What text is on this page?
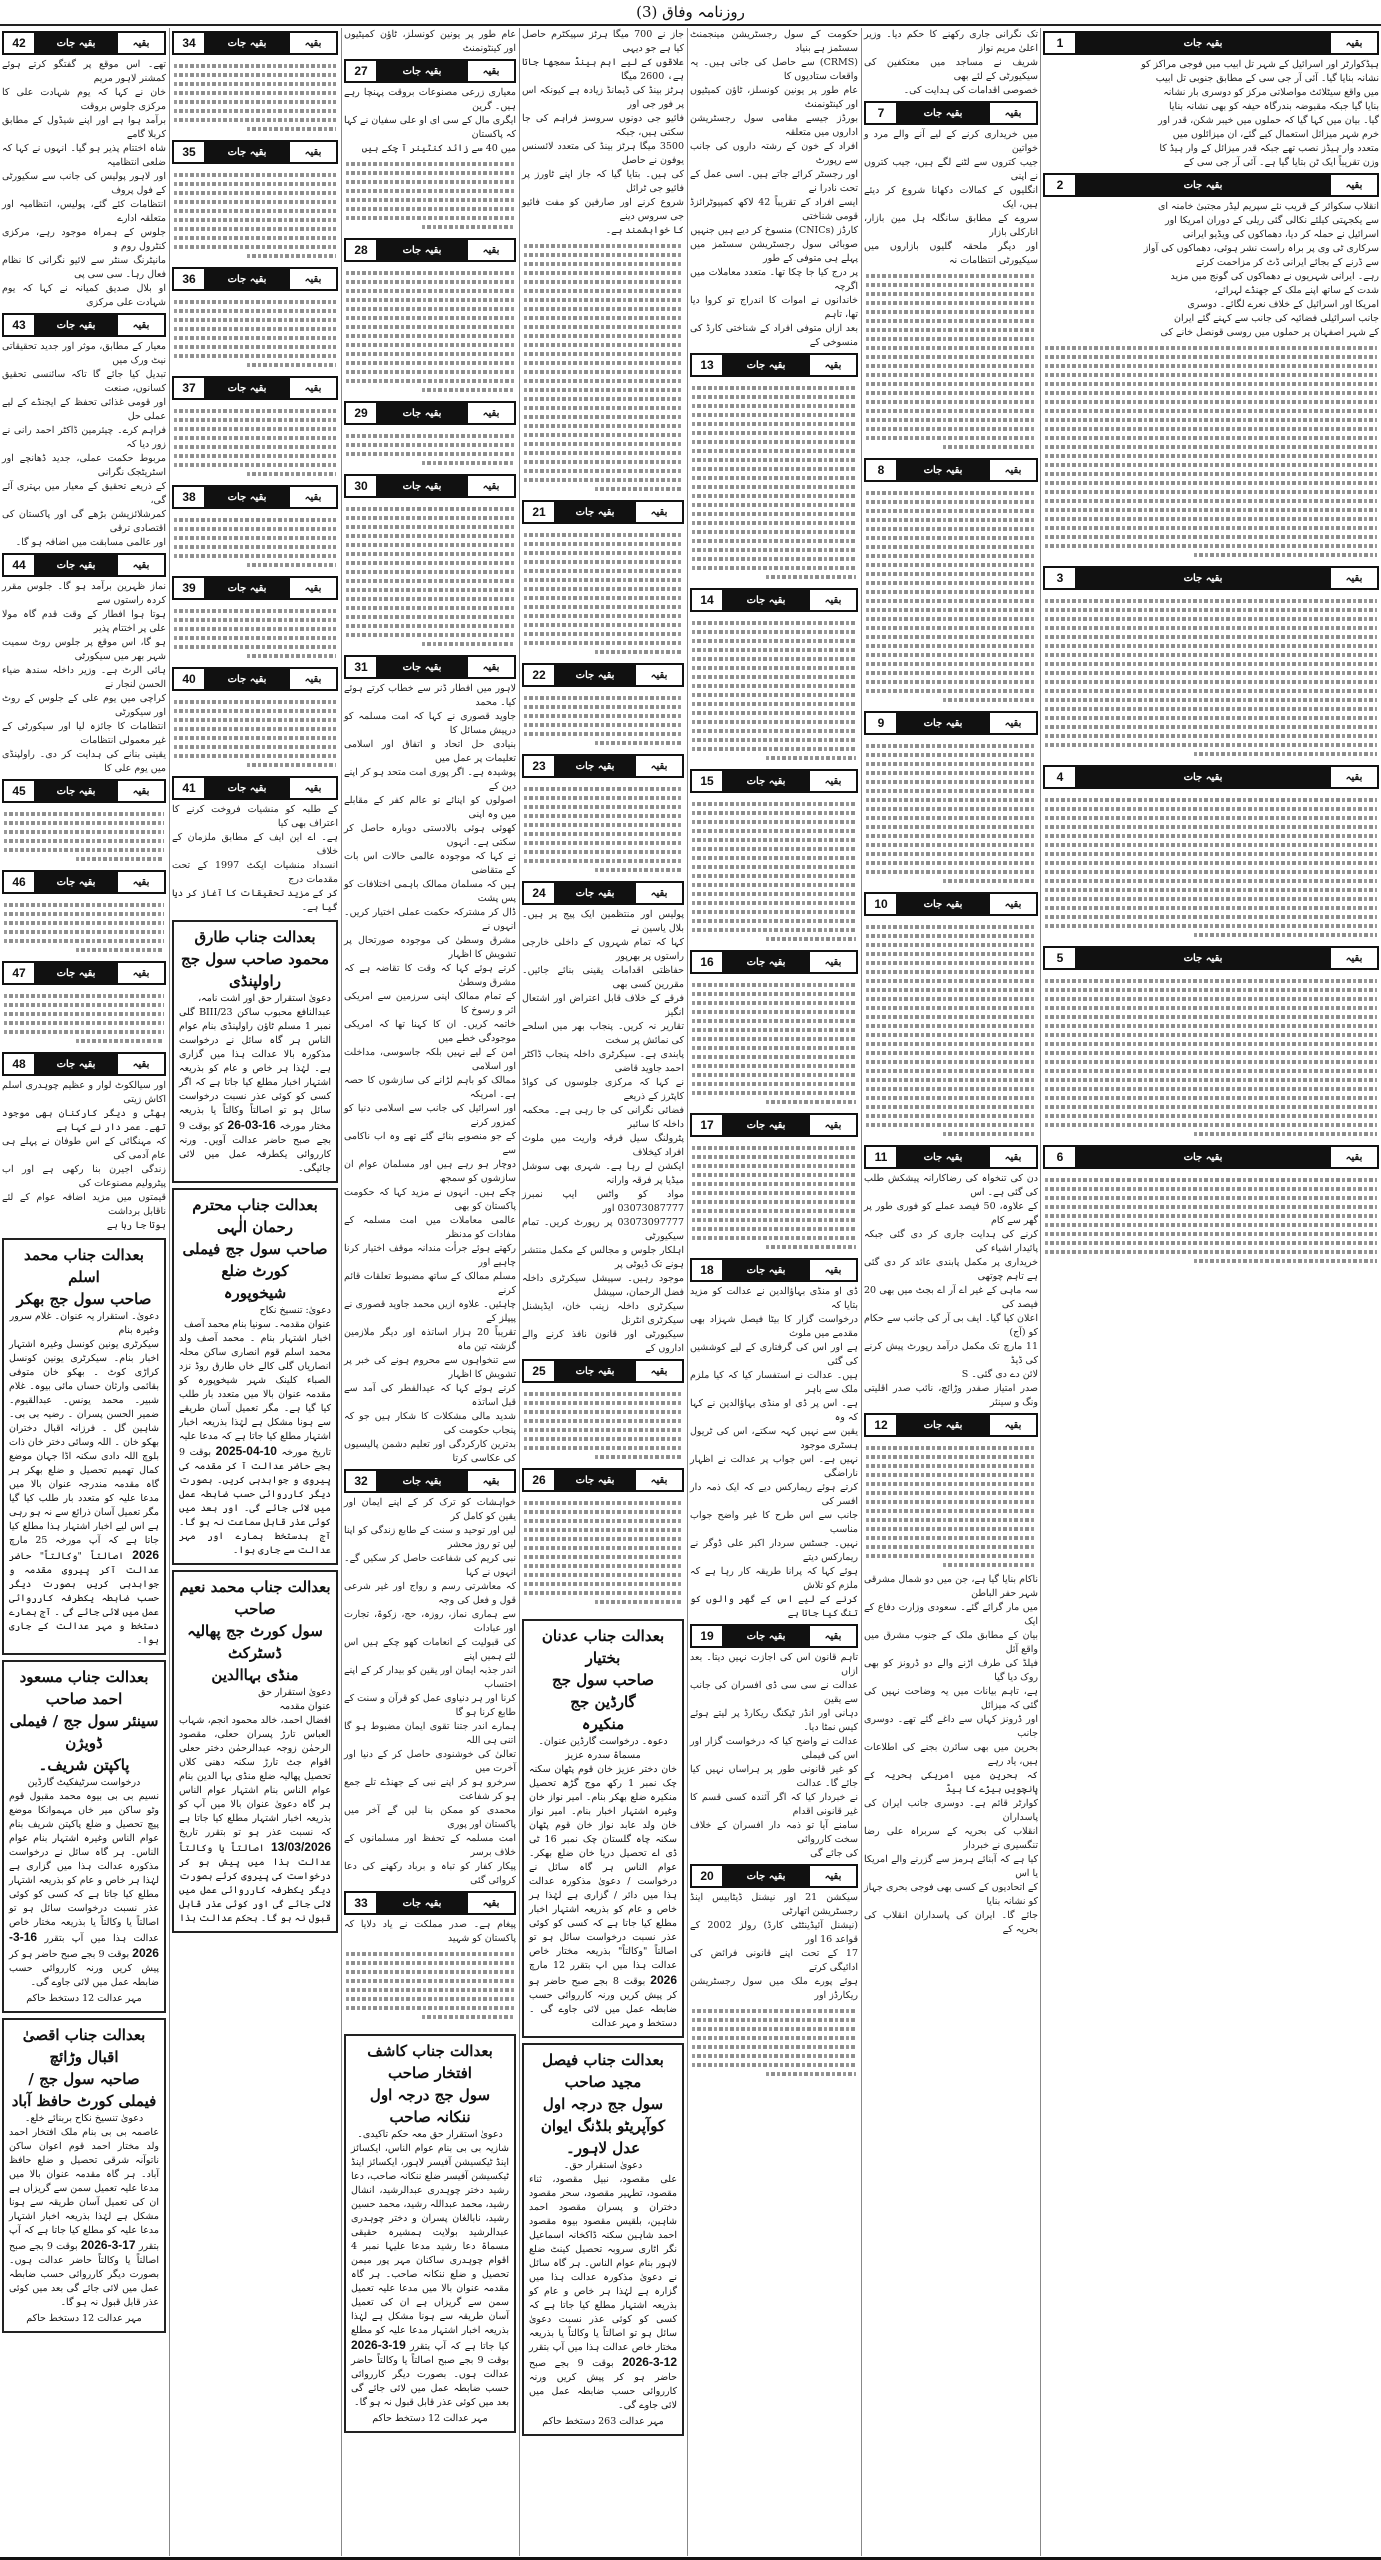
روزنامہ وفاق (3)
بقیہ
بقیہ جات
1
ہیڈکوارٹر اور اسرائیل کے شہر تل ابیب میں فوجی مراکز کو
نشانہ بنایا گیا۔ آئی آر جی سی کے مطابق جنوبی تل ابیب
میں واقع سیٹلائٹ مواصلاتی مرکز کو دوسری بار نشانہ
بنایا گیا جبکہ مقبوضہ بندرگاہ حیفہ کو بھی نشانہ بنایا
گیا۔ بیان میں کہا گیا کہ حملوں میں خیبر شکن، قدر اور
خرم شہر میزائل استعمال کیے گئے، ان میزائلوں میں
متعدد وار ہیڈز نصب تھے جبکہ قدر میزائل کے وار ہیڈ کا
وزن تقریباً ایک ٹن بتایا گیا ہے۔ آئی آر جی سی کے
بقیہ
بقیہ جات
2
انقلاب سکوائر کے قریب نئے سپریم لیڈر مجتبیٰ خامنہ ای
سے یکجہتی کیلئے نکالی گئی ریلی کے دوران امریکا اور
اسرائیل نے حملہ کر دیا، دھماکوں کی ویڈیو ایرانی
سرکاری ٹی وی پر براہ راست نشر ہوئی، دھماکوں کی آواز
سے ڈرنے کے بجائے ایرانی ڈٹ کر مزاحمت کرتے
رہے۔ ایرانی شہریوں نے دھماکوں کی گونج میں مزید
شدت کے ساتھ اپنے ملک کے جھنڈے لہرائے،
امریکا اور اسرائیل کے خلاف نعرے لگائے۔ دوسری
جانب اسرائیلی فضائیہ کی جانب سے کہنے گئے ایران
کے شہر اصفہان پر حملوں میں روسی قونصل خانے کی
بقیہ
بقیہ جات
3
بقیہ
بقیہ جات
4
بقیہ
بقیہ جات
5
بقیہ
بقیہ جات
6
تک نگرانی جاری رکھنے کا حکم دیا۔ وزیر اعلیٰ مریم نواز
شریف نے مساجد میں معتکفین کی سیکیورٹی کے لئے بھی
خصوصی اقدامات کی ہدایت کی۔
بقیہ
بقیہ جات
7
میں خریداری کرنے کے لیے آنے والے مرد و خواتین
جیب کتروں سے لٹنے لگے ہیں، جیب کتروں نے اپنی
انگلیوں کے کمالات دکھانا شروع کر دیئے ہیں، ایک
سروے کے مطابق سانگلہ ہل مین بازار، انارکلی بازار
اور دیگر ملحقہ گلیوں بازاروں میں سیکیورٹی انتظامات نہ
بقیہ
بقیہ جات
8
بقیہ
بقیہ جات
9
بقیہ
بقیہ جات
10
بقیہ
بقیہ جات
11
دن کی تنخواہ کی رضاکارانہ پیشکش طلب کی گئی ہے۔ اس
کے علاوہ، 50 فیصد عملے کو فوری طور پر گھر سے کام
کرنے کی ہدایت جاری کر دی گئی جبکہ پائیدار اشیاء کی
خریداری پر مکمل پابندی عائد کر دی گئی ہے تاہم چوتھی
سہ ماہی کے غیر اے آر اے بجٹ میں بھی 20 فیصد کی
اعلان کیا گیا۔ ایف بی آر کی جانب سے حکام کو (آج)
11 مارچ تک مکمل درآمد رپورٹ پیش کرنے کی ڈیڈ
لائن دے دی گئی۔ S
صدر امتیاز صفدر وڑائچ، نائب صدر اقلیتی ونگ و سینئر
بقیہ
بقیہ جات
12
ناکام بنایا گیا ہے، جن میں دو شمال مشرقی شہر حفر الباطن
میں مار گرائے گئے۔ سعودی وزارت دفاع کے ایک
بیان کے مطابق ملک کے جنوب مشرق میں واقع آئل
فیلڈ کی طرف اڑنے والے دو ڈرونز کو بھی روک دیا گیا
ہے، تاہم بیانات میں یہ وضاحت نہیں کی گئی کہ میزائل
اور ڈرونز کہاں سے داغے گئے تھے۔ دوسری جانب
بحرین میں بھی سائرن بجنے کی اطلاعات ہیں، یاد رہے
کہ بحرین میں امریکی بحریہ کے پانچویں بیڑے کا ہیڈ
کوارٹر قائم ہے۔ دوسری جانب ایران کی پاسداران
انقلاب کی بحریہ کے سربراہ علی رضا تنگسیری نے خبردار
کیا ہے کہ آبنائے ہرمز سے گزرنے والے امریکا یا اس
کے اتحادیوں کے کسی بھی فوجی بحری جہاز کو نشانہ بنایا
جائے گا۔ ایران کی پاسداران انقلاب کی بحریہ کے
حکومت کے سول رجسٹریشن مینجمنٹ سسٹمز ہے بنیاد
(CRMS) سے حاصل کی جاتی ہیں۔ یہ واقعات ستادیوں کا
عام طور پر یونین کونسلز، ٹاؤن کمیٹیوں اور کینٹونمنٹ
بورڈز جیسے مقامی سول رجسٹریشن اداروں میں متعلقہ
افراد کے خون کے رشتہ داروں کی جانب سے رپورٹ
اور رجسٹر کرائے جاتے ہیں۔ اسی عمل کے تحت نادرا نے
ایسے افراد کے تقریباً 42 لاکھ کمپیوٹرائزڈ قومی شناختی
کارڈز (CNICs) منسوخ کر دیے ہیں جنہیں
صوبائی سول رجسٹریشن سسٹمز میں پہلے ہی متوفی کے طور
پر درج کیا جا چکا تھا۔ متعدد معاملات میں اگرچہ
خاندانوں نے اموات کا اندراج تو کروا دیا تھا، تاہم
بعد ازاں متوفی افراد کے شناختی کارڈ کی منسوخی کے
بقیہ
بقیہ جات
13
بقیہ
بقیہ جات
14
بقیہ
بقیہ جات
15
بقیہ
بقیہ جات
16
بقیہ
بقیہ جات
17
بقیہ
بقیہ جات
18
ڈی او منڈی بہاؤالدین نے عدالت کو مزید بتایا کہ
درخواست گزار کا بیٹا فیصل شہزاد بھی مقدمے میں ملوث
ہے اور اس کی گرفتاری کے لیے کوششیں کی گئی
ہیں۔ عدالت نے استفسار کیا کہ کیا ملزم ملک سے باہر
ہے۔ اس پر ڈی او منڈی بہاؤالدین نے کہا کہ وہ
یقین سے نہیں کہہ سکتے، اس کی ٹریول ہسٹری موجود
نہیں ہے۔ اس جواب پر عدالت نے اظہار ناراضگی
کرتے ہوئے ریمارکس دیے کہ ایک ذمہ دار افسر کی
جانب سے اس طرح کا غیر واضح جواب مناسب
نہیں۔ جسٹس سردار اکبر علی ڈوگر نے ریمارکس دیتے
ہوئے کہا کہ پرانا طریقہ کار رہا ہے کہ ملزم کو تلاش
کرنے کے لیے اس کے گھر والوں کو تنگ کیا جاتا ہے
بقیہ
بقیہ جات
19
تاہم قانون اس کی اجازت نہیں دیتا۔ بعد ازاں
عدالت نے سی سی ڈی افسران کی جانب سے یقین
دہانی اور انڈر ٹیکنگ ریکارڈ پر لیتے ہوئے کیس نمٹا دیا۔
عدالت نے واضح کیا کہ درخواست گزار اور اس کی فیملی
کو غیر قانونی طور پر ہراساں نہیں کیا جائے گا۔ عدالت
نے خبردار کیا کہ اگر آئندہ کسی قسم کا غیر قانونی اقدام
سامنے آیا تو ذمہ دار افسران کے خلاف سخت کارروائی
کی جائے گی
بقیہ
بقیہ جات
20
سیکشن 21 اور نیشنل ڈیٹابیس اینڈ رجسٹریشن اتھارٹی
(نیشنل آئیڈینٹٹی کارڈ) رولز 2002 کے قواعد 16 اور
17 کے تحت اپنے قانونی فرائض کی ادائیگی کرتے
ہوئے پورے ملک میں سول رجسٹریشن ریکارڈز اور
جاز نے 700 میگا ہرٹز سپیکٹرم حاصل کیا ہے جو دیہی
علاقوں کے لیے اہم بینڈ سمجھا جاتا ہے، 2600 میگا
ہرٹز بینڈ کی ڈیمانڈ زیادہ ہے کیونکہ اس پر فور جی اور
فائیو جی دونوں سروسز فراہم کی جا سکتی ہیں، جبکہ
3500 میگا ہرٹز بینڈ کی متعدد لائسنس یوفون نے حاصل
کی ہیں۔ بتایا گیا کہ جاز اپنے ٹاورز پر فائیو جی ٹرائل
شروع کرنے اور صارفین کو مفت فائیو جی سروس دینے
کا خواہشمند ہے۔
بقیہ
بقیہ جات
21
بقیہ
بقیہ جات
22
بقیہ
بقیہ جات
23
بقیہ
بقیہ جات
24
پولیس اور منتظمین ایک پیج پر ہیں۔ بلال یاسین نے
کہا کہ تمام شہروں کے داخلی خارجی راستوں پر بھرپور
حفاظتی اقدامات یقینی بنائے جائیں۔ مقررین کسی بھی
فرقے کے خلاف قابل اعتراض اور اشتعال انگیز
تقاریر نہ کریں۔ پنجاب بھر میں اسلحے کی نمائش پر سخت
پابندی ہے۔ سیکرٹری داخلہ پنجاب ڈاکٹر احمد جاوید قاضی
نے کہا کہ مرکزی جلوسوں کی کواڈ کاپٹرز کے ذریعے
فضائی نگرانی کی جا رہی ہے۔ محکمہ داخلہ کا سائبر
پٹرولنگ سیل فرقہ واریت میں ملوث افراد کیخلاف
ایکشن لے رہا ہے۔ شہری بھی سوشل میڈیا پر فرقہ وارانہ
مواد کو واٹس ایپ نمبرز 03073087777 اور
03073097777 پر رپورٹ کریں۔ تمام سیکیورٹی
اہلکار جلوس و مجالس کے مکمل منتشر ہونے تک ڈیوٹی پر
موجود رہیں۔ سپیشل سیکرٹری داخلہ فضل الرحمان، سپیشل
سیکرٹری داخلہ زینب خان، ایڈیشنل سیکرٹری انٹرنل
سیکیورٹی اور قانون نافذ کرنے والے اداروں کے
بقیہ
بقیہ جات
25
بقیہ
بقیہ جات
26
عام طور پر یونین کونسلز، ٹاؤن کمیٹیوں اور کینٹونمنٹ
بقیہ
بقیہ جات
27
معیاری زرعی مصنوعات بروقت پہنچا رہے ہیں۔ گرین
ایگری مال کے سی ای او علی سفیان نے کہا کہ پاکستان
میں 40 سے زائد کنٹینر آ چکے ہیں
بقیہ
بقیہ جات
28
بقیہ
بقیہ جات
29
بقیہ
بقیہ جات
30
بقیہ
بقیہ جات
31
لاہور میں افطار ڈنر سے خطاب کرتے ہوئے کیا۔ محمد
جاوید قصوری نے کہا کہ امت مسلمہ کو درپیش مسائل کا
بنیادی حل اتحاد و اتفاق اور اسلامی تعلیمات پر عمل میں
پوشیدہ ہے۔ اگر پوری امت متحد ہو کر اپنے دین کے
اصولوں کو اپنائے تو عالم کفر کے مقابلے میں وہ اپنی
کھوئی ہوئی بالادستی دوبارہ حاصل کر سکتی ہے۔ انہوں
نے کہا کہ موجودہ عالمی حالات اس بات کے متقاضی
ہیں کہ مسلمان ممالک باہمی اختلافات کو پس پشت
ڈال کر مشترکہ حکمت عملی اختیار کریں۔ انہوں نے
مشرق وسطیٰ کی موجودہ صورتحال پر تشویش کا اظہار
کرتے ہوئے کہا کہ وقت کا تقاضہ ہے کہ مشرق وسطیٰ
کے تمام ممالک اپنی سرزمین سے امریکی اثر و رسوخ کا
خاتمہ کریں۔ ان کا کہنا تھا کہ امریکی موجودگی خطے میں
امن کے لیے نہیں بلکہ جاسوسی، مداخلت اور اسلامی
ممالک کو باہم لڑانے کی سازشوں کا حصہ ہے۔ امریکہ
اور اسرائیل کی جانب سے اسلامی دنیا کو کمزور کرنے
کے جو منصوبے بنائے گئے تھے وہ اب ناکامی سے
دوچار ہو رہے ہیں اور مسلمان عوام ان سازشوں کو سمجھ
چکے ہیں۔ انہوں نے مزید کہا کہ حکومت پاکستان کو بھی
عالمی معاملات میں امت مسلمہ کے مفادات کو مدنظر
رکھتے ہوئے جرأت مندانہ موقف اختیار کرنا چاہیے اور
مسلم ممالک کے ساتھ مضبوط تعلقات قائم کرنے
چاہئیں۔ علاوہ ازیں محمد جاوید قصوری نے پیپلز کے
تقریباً 20 ہزار اساتذہ اور دیگر ملازمین گزشتہ تین ماہ
سے تنخواہوں سے محروم ہونے کی خبر پر تشویش کا اظہار
کرتے ہوئے کہا کہ عیدالفطر کی آمد سے قبل اساتذہ
شدید مالی مشکلات کا شکار ہیں جو کہ پنجاب حکومت کی
بدترین کارکردگی اور تعلیم دشمن پالیسیوں کی عکاسی کرتا
بقیہ
بقیہ جات
32
خواہشات کو ترک کر کے اپنے ایمان اور یقین کو کامل کر
لیں اور توحید و سنت کے طابع زندگی کو اپنا لیں تو روز محشر
نبی کریم کی شفاعت حاصل کر سکیں گے۔ انہوں نے کہا
کہ معاشرتی رسم و رواج اور غیر شرعی قول و فعل کی وجہ
سے ہماری نماز، روزہ، حج، زکوۃ، تجارت اور عبادات
کی قبولیت کے انعامات کھو چکے ہیں اس لئے ہمیں اپنے
اندر جذبہ ایمان اور یقین کو بیدار کر کے اپنے احتساب
کرنا اور ہر دنیاوی عمل کو قرآن و سنت کے طابع کرنا ہو گا
ہمارے اندر جتنا تقوی ایمان مضبوط ہو گا اتنی ہی اللہ
تعالیٰ کی خوشنودی حاصل کر کے دنیا اور آخرت میں
سرخرو ہو کر اپنے نبی کے جھنڈے تلے جمع ہو کر شفاعت
محمدی کو ممکن بنا لیں گے آخر میں پاکستان اور پوری
امت مسلمہ کے تحفظ اور مسلمانوں کے خلاف برسر
پیکار کفار کو تباہ و برباد رکھنے کی دعا کروائی گئی
بقیہ
بقیہ جات
33
پیغام ہے۔ صدر مملکت نے یاد دلایا کہ پاکستان کو شہید
بقیہ
بقیہ جات
34
بقیہ
بقیہ جات
35
بقیہ
بقیہ جات
36
بقیہ
بقیہ جات
37
بقیہ
بقیہ جات
38
بقیہ
بقیہ جات
39
بقیہ
بقیہ جات
40
بقیہ
بقیہ جات
41
کے طلبہ کو منشیات فروخت کرنے کا اعتراف بھی کیا
ہے۔ اے این ایف کے مطابق ملزمان کے خلاف
انسداد منشیات ایکٹ 1997 کے تحت مقدمات درج
کر کے مزید تحقیقات کا آغاز کر دیا گیا ہے۔
بعدالت جناب طارق
محمود صاحب سول جج راولپنڈی
دعویٰ استقرار حق اور اشت نامہ،
عبدالنافع محبوب ساکن BIII/23 گلی نمبر 1 مسلم ٹاؤن راولپنڈی بنام عوام الناس ہر گاہ سائل نے درخواست مذکورہ بالا عدالت ہذا میں گزاری ہے۔ لہٰذا ہر خاص و عام کو بذریعہ اشتہار اخبار مطلع کیا جاتا ہے کہ اگر کسی کو کوئی عذر نسبت درخواست سائل ہو تو اصالتاً وکالتاً یا بذریعہ مختار مورخہ 16-03-26 کو بوقت 9 بجے صبح حاضر عدالت آویں۔ ورنہ کارروائی یکطرفہ عمل میں لائی جائیگی۔
بعدالت جناب محترم رحمان الٰہی
صاحب سول جج فیملی کورٹ ضلع
شیخوپورہ
دعویٰ: تنسیخ نکاح
عنوان مقدمہ۔ سونیا بنام محمد آصف
اخبار اشتہار بنام ۔ محمد آصف ولد محمد اسلم قوم انصاری ساکن محلہ انصاریاں گلی کالے خاں طارق روڈ نزد الصباء کلینک شہر شیخوپورہ کو مقدمہ عنوان بالا میں متعدد بار طلب کیا گیا ہے۔ مگر تعمیل آسان طریقے سے ہونا مشکل ہے لہٰذا بذریعہ اخبار اشتہار مطلع کیا جاتا ہے کہ مدعا علیہ تاریخ مورخہ 10-04-2025 بوقت 9 بجے حاضر عدالت آ کر مقدمہ کی پیروی و جوابدہی کریں۔ بصورت دیگر کارروائی حسب ضابطہ عمل میں لائی جائے گی۔ اور بعد میں کوئی عذر قابل سماعت نہ ہو گا۔ آج بدستخط ہمارے اور مہر عدالت سے جاری ہوا۔
بعدالت جناب محمد نعیم صاحب
سول کورٹ جج پھالیہ ڈسٹرکٹ
منڈی بہاالدین
دعویٰ استقرار حق
عنوان مقدمہ
افضال احمد، خالد محمود انجم، شہاب العباس تارڑ پسران حعلی، مقصود الرحمٰن زوجہ عبدالرحمٰن دختر حعلی اقوام جٹ تارڑ سکنہ دھنی کلاں تحصیل پھالیہ ضلع منڈی بہا الدین بنام عوام الناس بنام اشتہار عوام الناس ہر گاہ دعویٰ عنوان بالا میں آپ کو بذریعہ اخبار اشتہار مطلع کیا جاتا ہے کہ نسبت عذر ہو تو بتقرر تاریخ 13/03/2026 اصالتاً یا وکالتاً عدالت ہذا میں پیش ہو کر درخواست کی پیروی کرئے بصورت دیگر یکطرفہ کارروائی عمل میں لائی جائے گی اور کوئی عذر قابل قبول نہ ہو گا۔ بحکم عدالت ہذا
بقیہ
بقیہ جات
42
تھے۔ اس موقع پر گفتگو کرتے ہوئے کمشنر لاہور مریم
خان نے کہا کہ یوم شہادت علی کا مرکزی جلوس بروقت
برآمد ہوا ہے اور اپنے شیڈول کے مطابق کربلا گامے
شاہ اختتام پذیر ہو گیا۔ انہوں نے کہا کہ ضلعی انتظامیہ
اور لاہور پولیس کی جانب سے سکیورٹی کے فول پروف
انتظامات کئے گئے، پولیس، انتظامیہ اور متعلقہ ادارے
جلوس کے ہمراہ موجود رہے، مرکزی کنٹرول روم و
مانیٹرنگ سنٹر سے لائیو نگرانی کا نظام فعال رہا۔ سی سی پی
او بلال صدیق کمیانہ نے کہا کہ یوم شہادت علی مرکزی
بقیہ
بقیہ جات
43
معیار کے مطابق، موثر اور جدید تحقیقاتی نیٹ ورک میں
تبدیل کیا جائے گا تاکہ سائنسی تحقیق کسانوں، صنعت
اور قومی غذائی تحفظ کے ایجنڈے کے لیے عملی حل
فراہم کرے۔ چیئرمین ڈاکٹر احمد رانی نے زور دیا کہ
مربوط حکمت عملی، جدید ڈھانچے اور اسٹریٹجک نگرانی
کے ذریعے تحقیق کے معیار میں بہتری آئے گی،
کمرشلائزیشن بڑھے گی اور پاکستان کی اقتصادی ترقی
اور عالمی مسابقت میں اضافہ ہو گا۔
بقیہ
بقیہ جات
44
نماز ظہرین برآمد ہو گا۔ جلوس مقرر کردہ راستوں سے
ہوتا ہوا افطار کے وقت قدم گاہ مولا علی پر اختتام پذیر
ہو گا، اس موقع پر جلوس روٹ سمیت شہر بھر میں سیکورٹی
ہائی الرٹ ہے۔ وزیر داخلہ سندھ ضیاء الحسن لنجار نے
کراچی میں یوم علی کے جلوس کے روٹ اور سیکورٹی
انتظامات کا جائزہ لیا اور سیکورٹی کے غیر معمولی انتظامات
یقینی بنانے کی ہدایت کر دی۔ راولپنڈی میں یوم علی کا
بقیہ
بقیہ جات
45
بقیہ
بقیہ جات
46
بقیہ
بقیہ جات
47
بقیہ
بقیہ جات
48
اور سیالکوٹ لوار و عظیم چوہدری اسلم اکاش زیتی
بھٹی و دیگر کارکنان بھی موجود تھے۔ عمر دار نے کہا ہے
کہ مہنگائی کے اس طوفان نے پہلے ہی عام آدمی کی
زندگی اجیرن بنا رکھی ہے اور اب پیٹرولیم مصنوعات کی
قیمتوں میں مزید اضافہ عوام کے لئے ناقابل برداشت
ہوتا جا رہا ہے
بعدالت جناب محمد اسلم
صاحب سول جج بھکر
دعویٰ۔ استقرار یہ عنوان۔ غلام سرور وغیرہ بنام
سیکرٹری یونین کونسل وغیرہ اشتہار اخبار بنام۔ سیکرٹری یونین کونسل کراڑی کوٹ ۔ بھکو خان متوفی بقائمی وارثان حساں مائی بیوہ۔ غلام شبیر۔ محمد یونس۔ عبدالقیوم۔ ضمیر الحسن پسران ۔ رضیہ بی بی۔ شاہین گل ۔ فرزانہ اقبال دختران بھکو خان ۔ اللہ وسائی دختر خان ذات بلوچ اللہ دادی سکنہ اڈا جہان موضع کمال تھمیم تحصیل و ضلع بھکر ہر گاہ مقدمہ مندرجہ عنوان بالا میں مدعا علیہ کو متعدد بار طلب کیا گیا مگر تعمیل آسان ذرائع سے نہ ہو رہی ہے اس لیے اخبار اشتہار ہذا مطلع کیا جاتا ہے کہ آپ مورخہ 25 مارچ 2026 اصالتاً "وکالتاً" حاضر عدالت آکر پیروی مقدمہ و جوابدہی کریں بصورت دیگر حسب ضابطہ یکطرفہ کارروائی عمل میں لائی جائے گی ۔ آج ہمارے دستخط و مہر عدالت کے جاری ہوا۔
بعدالت جناب مسعود احمد صاحب
سینئر سول جج / فیملی ڈویژن
پاکپتن شریف۔
درخواست سرٹیفکیٹ گارڈین
نسیم بی بی بیوہ محمد مقبول قوم وٹو ساکن میر خاں مہموانکا موضع پیچ تحصیل و ضلع پاکپتن شریف بنام عوام الناس وغیرہ اشتہار بنام عوام الناس۔ ہر گاہ سائل نے درخواست مذکورہ عدالت ہذا میں گزاری ہے لہٰذا ہر خاص و عام کو بذریعہ اشتہار مطلع کیا جاتا ہے کہ کسی کو کوئی عذر نسبت درخواست سائل ہو تو اصالتاً یا وکالتاً یا بذریعہ مختار خاص عدالت ہذا میں آپ بتقرر 16-3-2026 بوقت 9 بجے صبح حاضر ہو کر پیش کریں ورنہ کارروائی حسب ضابطہ عمل میں لائی جاوے گی۔
مہر عدالت 12 دستخط حاکم
بعدالت جناب اقصیٰ اقبال وڑائچ
صاحبہ سول جج / فیملی کورٹ حافظ آباد
دعویٰ تنسیخ نکاح بربنائے خلع۔
عاصمہ بی بی بنام ملک افتخار احمد ولد مختار احمد قوم اعوان ساکن ناتوآنہ شرقی تحصیل و ضلع حافظ آباد۔ ہر گاہ مقدمہ عنوان بالا میں مدعا علیہ تعمیل سمن سے گریزاں ہے ان کی تعمیل آسان طریقہ سے ہونا مشکل ہے لہٰذا بذریعہ اخبار اشتہار مدعا علیہ کو مطلع کیا جاتا ہے کہ آپ بتقرر 17-3-2026 بوقت 9 بجے صبح اصالتاً یا وکالتاً حاضر عدالت ہوں۔ بصورت دیگر کارروائی حسب ضابطہ عمل میں لائی جائے گی بعد میں کوئی عذر قابل قبول نہ ہو گا۔
مہر عدالت 12 دستخط حاکم
بعدالت جناب کاشف افتخار صاحب
سول جج درجہ اول ننکانہ صاحب
دعویٰ استقرار حق معہ حکم تاکیدی۔
شازیہ بی بی بنام عوام الناس، ایکسائز اینڈ ٹیکسیشن آفیسر لاہور، ایکسائز اینڈ ٹیکسیشن آفیسر ضلع ننکانہ صاحب، دعا رشید دختر چوہدری عبدالرشید، انشال رشید، محمد عبداللہ رشید، محمد حسین رشید، نابالغان پسران و دختر چوہدری عبدالرشید بولایت ہمشیرہ حقیقی مسماۃ دعا رشید مدعا علیہا نمبر 4 اقوام چوہدری ساکنان مہر پور میمن تحصیل و ضلع ننکانہ صاحب۔ ہر گاہ مقدمہ عنوان بالا میں مدعا علیہ تعمیل سمن سے گریزاں ہے ان کی تعمیل آسان طریقہ سے ہونا مشکل ہے لہٰذا بذریعہ اخبار اشتہار مدعا علیہ کو مطلع کیا جاتا ہے کہ آپ بتقرر 19-3-2026 بوقت 9 بجے صبح اصالتاً یا وکالتاً حاضر عدالت ہوں۔ بصورت دیگر کارروائی حسب ضابطہ عمل میں لائی جائے گی بعد میں کوئی عذر قابل قبول نہ ہو گا۔
مہر عدالت 12 دستخط حاکم
بعدالت جناب عدنان بختیار
صاحب سول جج گارڈین جج
منکیرہ
دعوہ۔ درخواست گارڈین عنوان۔ مسماۃ سدرہ عزیز
خان دختر عزیز خان قوم پٹھان سکنہ چک نمبر 1 رکھ موج گڑھ تحصیل منکیرہ ضلع بھکر بنام۔ امیر نواز خان وغیرہ اشتہار اخبار بنام۔ امیر نواز خان ولد عابد نواز خان قوم پٹھان سکنہ چاہ گلستان چک نمبر 16 ٹی ڈی اے تحصیل دریا خان ضلع بھکر۔ عوام الناس ہر گاہ سائل نے درخواست / دعویٰ مذکورہ عدالت ہذا میں دائر / گزاری ہے لہٰذا ہر خاص و عام کو بذریعہ اشتہار اخبار مطلع کیا جاتا ہے کہ کسی کو کوئی عذر نسبت درخواست سائل ہو تو اصالتاً "وکالتاً" بذریعہ مختار خاص عدالت ہذا میں اپ بتقرر 12 مارچ 2026 بوقت 8 بجے صبح حاضر ہو کر پیش کریں ورنہ کارروائی حسب ضابطہ عمل میں لائی جاوے گی ۔ دستخط و مہر عدالت
بعدالت جناب فیصل مجید صاحب
سول جج درجہ اول
کوآپریٹو بلڈنگ ایوان عدل لاہور۔
دعویٰ استقرار حق۔
علی مقصود، نبیل مقصود، ثناء مقصود، تطہیر مقصود، سحر مقصود دختران و پسران مقصود احمد شاہین، بلقیس مقصود بیوہ مقصود احمد شاہین سکنہ ڈاکخانہ اسماعیل نگر اٹاری سروبہ تحصیل کینٹ ضلع لاہور بنام عوام الناس۔ ہر گاہ سائل نے دعویٰ مذکورہ عدالت ہذا میں گزارہ ہے لہٰذا ہر خاص و عام کو بذریعہ اشتہار مطلع کیا جاتا ہے کہ کسی کو کوئی عذر نسبت دعویٰ سائل ہو تو اصالتاً یا وکالتاً یا بذریعہ مختار خاص عدالت ہذا میں آپ بتقرر 12-3-2026 بوقت 9 بجے صبح حاضر ہو کر پیش کریں ورنہ کارروائی حسب ضابطہ عمل میں لائی جاوے گی۔
مہر عدالت 263 دستخط حاکم
